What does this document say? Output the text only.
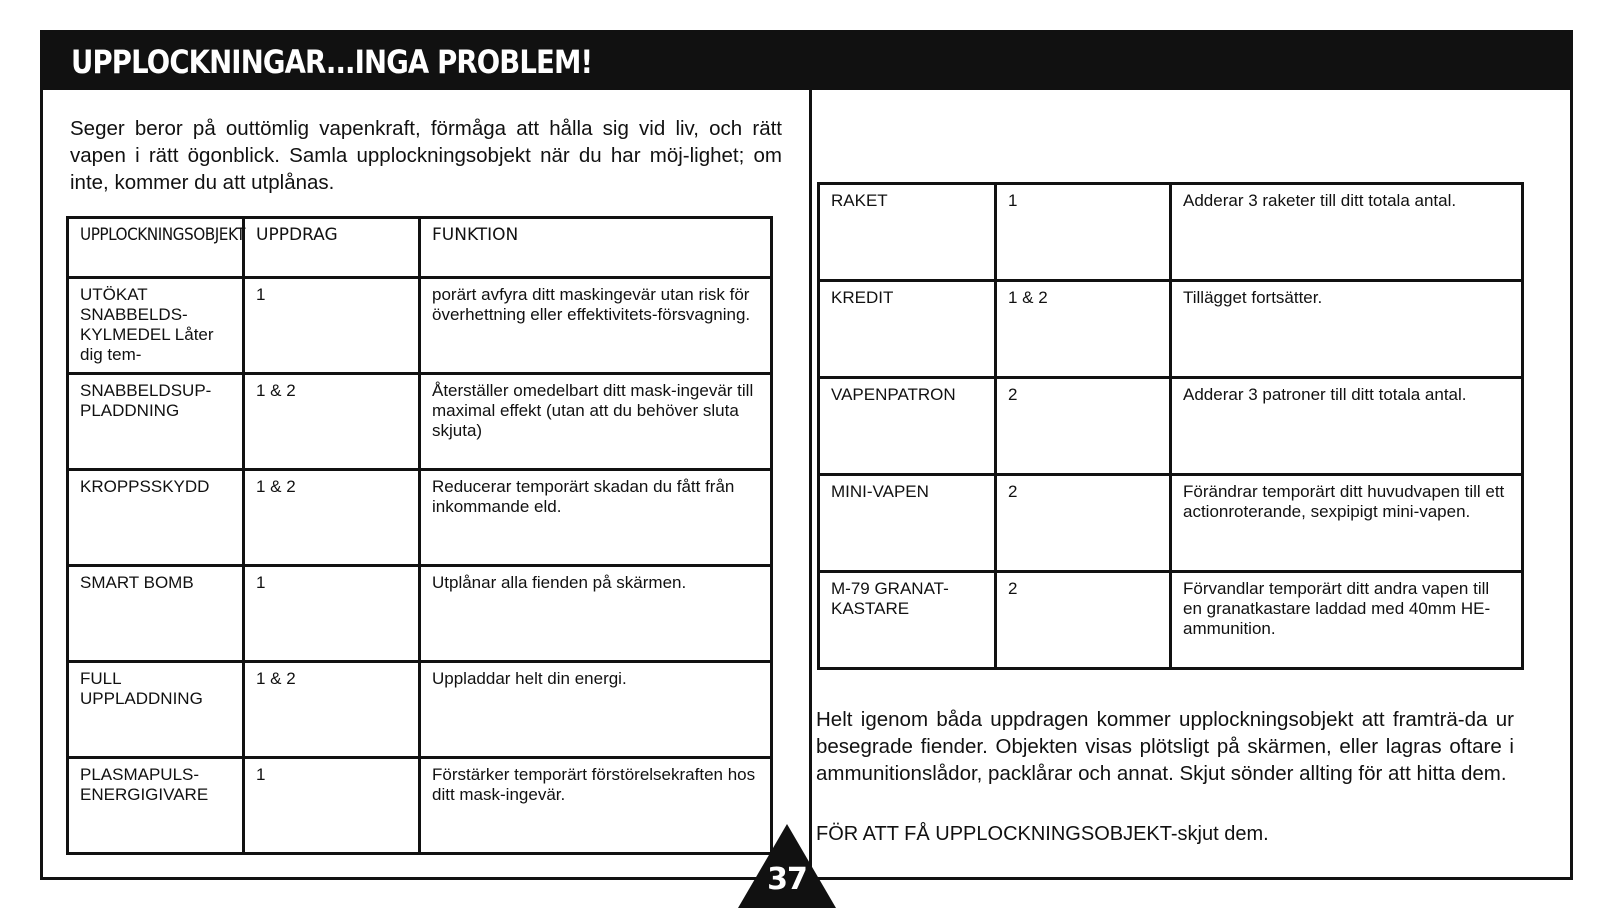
UPPLOCKNINGAR...INGA PROBLEM!

Seger beror på outtömlig vapenkraft, förmåga att hålla sig vid liv, och rätt vapen i rätt ögonblick. Samla upplockningsobjekt när du har möj-lighet; om inte, kommer du att utplånas.

UPPLOCKNINGSOBJEKT	UPPDRAG	FUNKTION
UTÖKAT SNABBELDS-KYLMEDEL Låter dig tem-	1	porärt avfyra ditt maskingevär utan risk för överhettning eller effektivitets-försvagning.
SNABBELDSUP-PLADDNING	1 & 2	Återställer omedelbart ditt mask-ingevär till maximal effekt (utan att du behöver sluta skjuta)
KROPPSSKYDD	1 & 2	Reducerar temporärt skadan du fått från inkommande eld.
SMART BOMB	1	Utplånar alla fienden på skärmen.
FULL UPPLADDNING	1 & 2	Uppladdar helt din energi.
PLASMAPULS-ENERGIGIVARE	1	Förstärker temporärt förstörelsekraften hos ditt mask-ingevär.
RAKET	1	Adderar 3 raketer till ditt totala antal.
KREDIT	1 & 2	Tillägget fortsätter.
VAPENPATRON	2	Adderar 3 patroner till ditt totala antal.
MINI-VAPEN	2	Förändrar temporärt ditt huvudvapen till ett actionroterande, sexpipigt mini-vapen.
M-79 GRANAT-KASTARE	2	Förvandlar temporärt ditt andra vapen till en granatkastare laddad med 40mm HE-ammunition.

Helt igenom båda uppdragen kommer upplockningsobjekt att framträ-da ur besegrade fiender. Objekten visas plötsligt på skärmen, eller lagras oftare i ammunitionslådor, packlårar och annat. Skjut sönder allting för att hitta dem.

FÖR ATT FÅ UPPLOCKNINGSOBJEKT-skjut dem.

37
